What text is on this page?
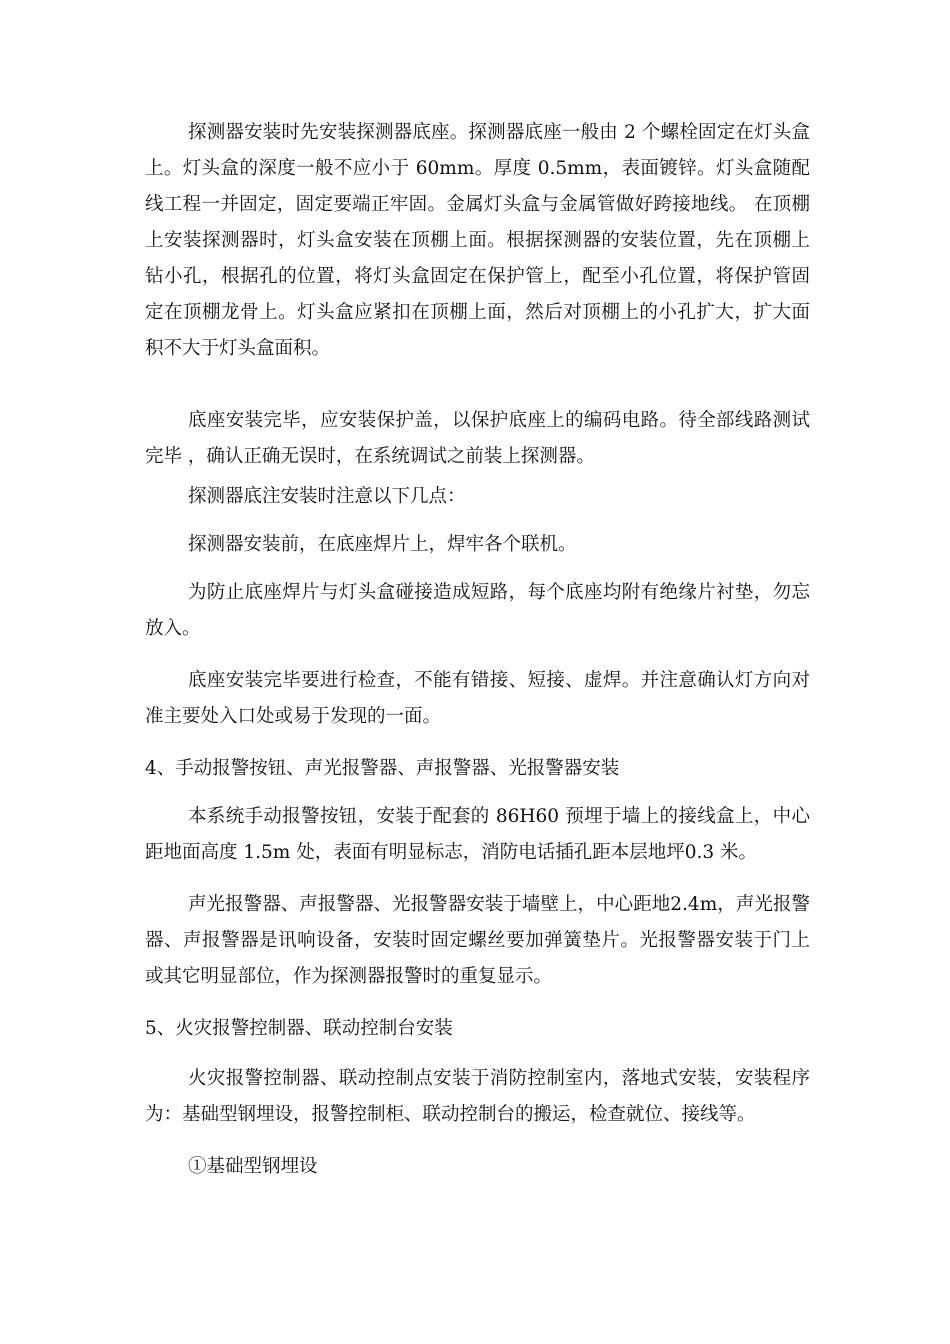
探测器安装时先安装探测器底座。探测器底座一般由 2 个螺栓固定在灯头盒上。灯头盒的深度一般不应小于 60mm。厚度 0.5mm，表面镀锌。灯头盒随配线工程一并固定，固定要端正牢固。金属灯头盒与金属管做好跨接地线。 在顶棚上安装探测器时，灯头盒安装在顶棚上面。根据探测器的安装位置，先在顶棚上钻小孔，根据孔的位置，将灯头盒固定在保护管上，配至小孔位置，将保护管固定在顶棚龙骨上。灯头盒应紧扣在顶棚上面，然后对顶棚上的小孔扩大，扩大面积不大于灯头盒面积。

底座安装完毕，应安装保护盖，以保护底座上的编码电路。待全部线路测试完毕 ，确认正确无误时，在系统调试之前装上探测器。

探测器底注安装时注意以下几点：

探测器安装前，在底座焊片上，焊牢各个联机。

为防止底座焊片与灯头盒碰接造成短路，每个底座均附有绝缘片衬垫，勿忘放入。

底座安装完毕要进行检查，不能有错接、短接、虚焊。并注意确认灯方向对准主要处入口处或易于发现的一面。

4、手动报警按钮、声光报警器、声报警器、光报警器安装

本系统手动报警按钮，安装于配套的 86H60 预埋于墙上的接线盒上，中心距地面高度 1.5m 处，表面有明显标志，消防电话插孔距本层地坪0.3 米。

声光报警器、声报警器、光报警器安装于墙壁上，中心距地2.4m，声光报警器、声报警器是讯响设备，安装时固定螺丝要加弹簧垫片。光报警器安装于门上或其它明显部位，作为探测器报警时的重复显示。

5、火灾报警控制器、联动控制台安装

火灾报警控制器、联动控制点安装于消防控制室内，落地式安装，安装程序为：基础型钢埋设，报警控制柜、联动控制台的搬运，检查就位、接线等。

①基础型钢埋设
